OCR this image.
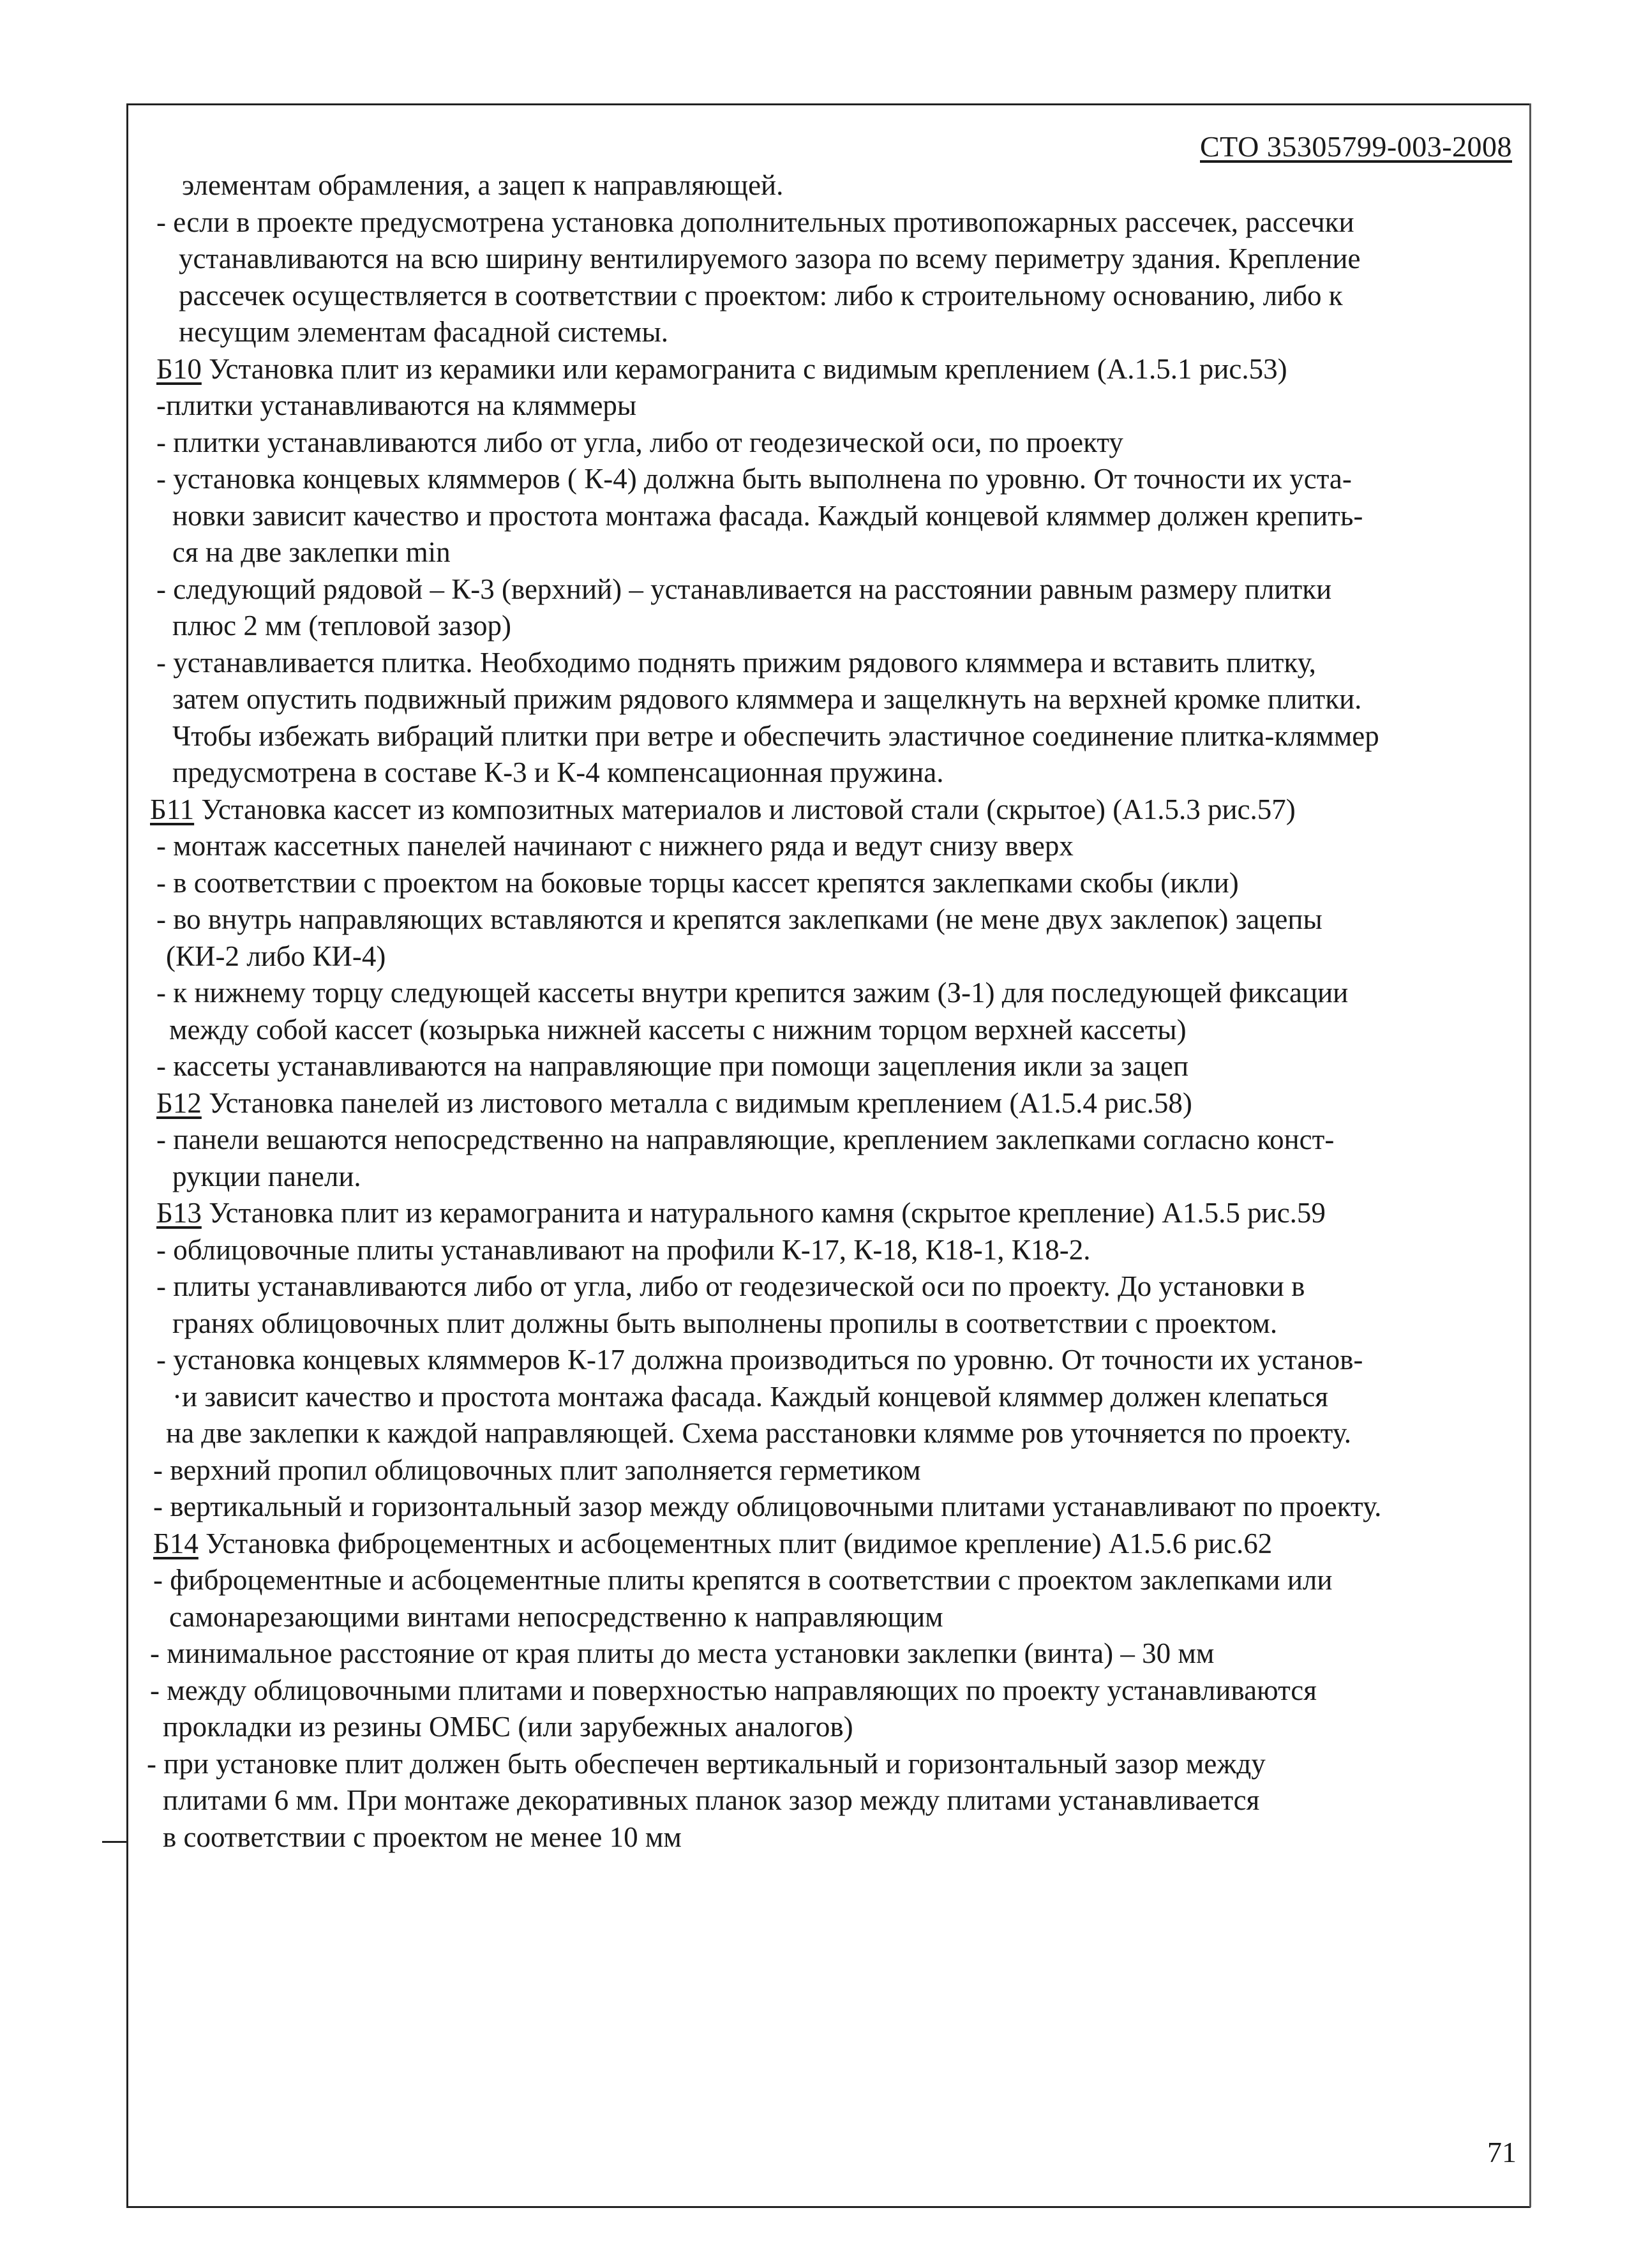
СТО 35305799-003-2008
элементам обрамления, а зацеп к направляющей.
- если в проекте предусмотрена установка дополнительных противопожарных рассечек, рассечки
устанавливаются на всю ширину вентилируемого зазора по всему периметру здания. Крепление
рассечек осуществляется в соответствии с проектом: либо к строительному основанию, либо к
несущим элементам фасадной системы.
Б10 Установка плит из керамики или керамогранита с видимым креплением (А.1.5.1 рис.53)
-плитки устанавливаются на кляммеры
- плитки устанавливаются либо от угла, либо от геодезической оси, по проекту
- установка концевых кляммеров ( К-4) должна быть выполнена по уровню. От точности их уста-
новки зависит качество и простота монтажа фасада. Каждый концевой кляммер должен крепить-
ся на две заклепки min
- следующий рядовой – К-3 (верхний) – устанавливается на расстоянии равным размеру плитки
плюс 2 мм (тепловой зазор)
- устанавливается плитка. Необходимо поднять прижим рядового кляммера и вставить плитку,
затем опустить подвижный прижим рядового кляммера и защелкнуть на верхней кромке плитки.
Чтобы избежать вибраций плитки при ветре и обеспечить эластичное соединение плитка-кляммер
предусмотрена в составе К-3 и К-4 компенсационная пружина.
Б11 Установка кассет из композитных материалов и листовой стали (скрытое) (А1.5.3 рис.57)
- монтаж кассетных панелей начинают с нижнего ряда и ведут снизу вверх
- в соответствии с проектом на боковые торцы кассет крепятся заклепками скобы (икли)
- во внутрь направляющих вставляются и крепятся заклепками (не мене двух заклепок) зацепы
(КИ-2 либо КИ-4)
- к нижнему торцу следующей кассеты внутри крепится зажим (З-1) для последующей фиксации
между собой кассет (козырька нижней кассеты с нижним торцом верхней кассеты)
- кассеты устанавливаются на направляющие при помощи зацепления икли за зацеп
Б12 Установка панелей из листового металла с видимым креплением (А1.5.4 рис.58)
- панели вешаются непосредственно на направляющие, креплением заклепками согласно конст-
рукции панели.
Б13 Установка плит из керамогранита и натурального камня (скрытое крепление) А1.5.5 рис.59
- облицовочные плиты устанавливают на профили К-17, К-18, К18-1, К18-2.
- плиты устанавливаются либо от угла, либо от геодезической оси по проекту. До установки в
гранях облицовочных плит должны быть выполнены пропилы в соответствии с проектом.
- установка концевых кляммеров К-17 должна производиться по уровню. От точности их установ-
·и зависит качество и простота монтажа фасада. Каждый концевой кляммер должен клепаться
на две заклепки к каждой направляющей. Схема расстановки клямме ров уточняется по проекту.
- верхний пропил облицовочных плит заполняется герметиком
- вертикальный и горизонтальный зазор между облицовочными плитами устанавливают по проекту.
Б14 Установка фиброцементных и асбоцементных плит (видимое крепление) А1.5.6 рис.62
- фиброцементные и асбоцементные плиты крепятся в соответствии с проектом заклепками или
самонарезающими винтами непосредственно к направляющим
- минимальное расстояние от края плиты до места установки заклепки (винта) – 30 мм
- между облицовочными плитами и поверхностью направляющих по проекту устанавливаются
прокладки из резины ОМБС (или зарубежных аналогов)
- при установке плит должен быть обеспечен вертикальный и горизонтальный зазор между
плитами 6 мм. При монтаже декоративных планок зазор между плитами устанавливается
в соответствии с проектом не менее 10 мм
71
